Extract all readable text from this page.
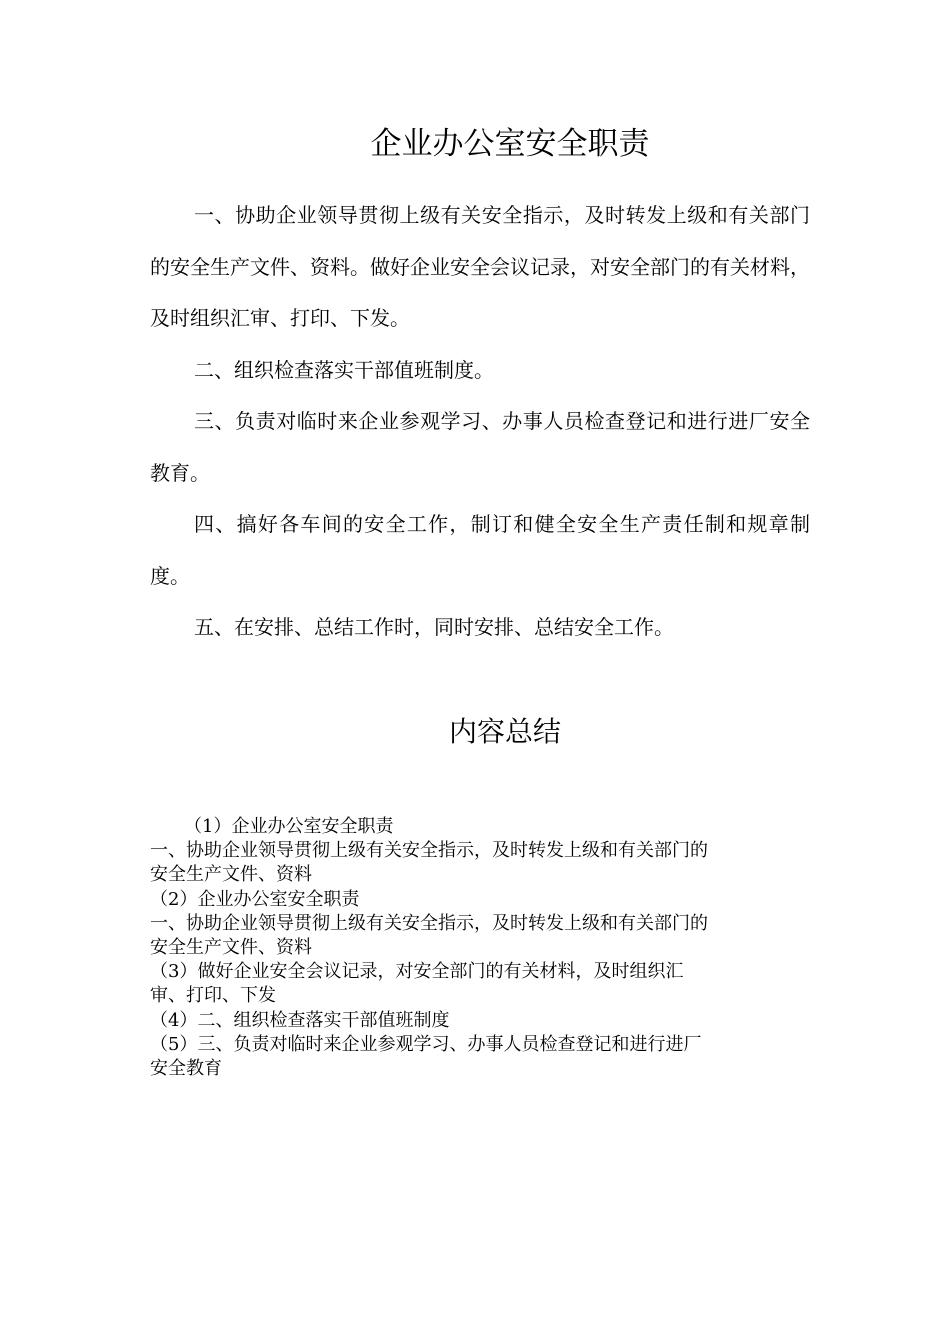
企业办公室安全职责

一、协助企业领导贯彻上级有关安全指示，及时转发上级和有关部门的安全生产文件、资料。做好企业安全会议记录，对安全部门的有关材料，及时组织汇审、打印、下发。

二、组织检查落实干部值班制度。

三、负责对临时来企业参观学习、办事人员检查登记和进行进厂安全教育。

四、搞好各车间的安全工作，制订和健全安全生产责任制和规章制度。

五、在安排、总结工作时，同时安排、总结安全工作。

内容总结
（1）企业办公室安全职责
一、协助企业领导贯彻上级有关安全指示，及时转发上级和有关部门的
安全生产文件、资料
（2）企业办公室安全职责
一、协助企业领导贯彻上级有关安全指示，及时转发上级和有关部门的
安全生产文件、资料
（3）做好企业安全会议记录，对安全部门的有关材料，及时组织汇
审、打印、下发
（4）二、组织检查落实干部值班制度
（5）三、负责对临时来企业参观学习、办事人员检查登记和进行进厂
安全教育
